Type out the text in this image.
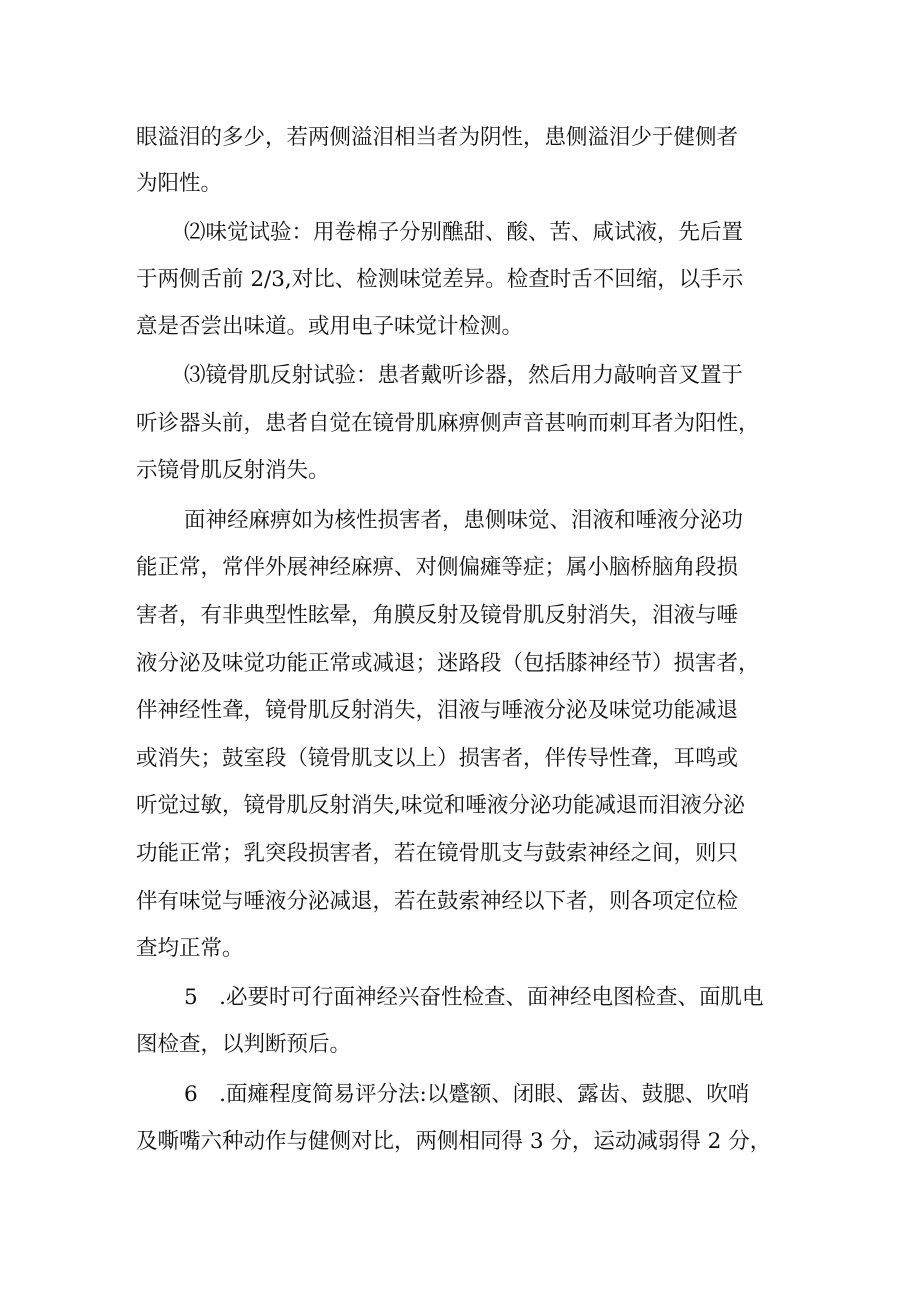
眼溢泪的多少，若两侧溢泪相当者为阴性，患侧溢泪少于健侧者
为阳性。
⑵味觉试验：用卷棉子分别醮甜、酸、苦、咸试液，先后置
于两侧舌前 2/3,对比、检测味觉差异。检查时舌不回缩，以手示
意是否尝出味道。或用电子味觉计检测。
⑶镜骨肌反射试验：患者戴听诊器，然后用力敲响音叉置于
听诊器头前，患者自觉在镜骨肌麻痹侧声音甚响而刺耳者为阳性，
示镜骨肌反射消失。
面神经麻痹如为核性损害者，患侧味觉、泪液和唾液分泌功
能正常，常伴外展神经麻痹、对侧偏瘫等症；属小脑桥脑角段损
害者，有非典型性眩晕，角膜反射及镜骨肌反射消失，泪液与唾
液分泌及味觉功能正常或减退；迷路段（包括膝神经节）损害者，
伴神经性聋，镜骨肌反射消失，泪液与唾液分泌及味觉功能减退
或消失；鼓室段（镜骨肌支以上）损害者，伴传导性聋，耳鸣或
听觉过敏，镜骨肌反射消失,味觉和唾液分泌功能减退而泪液分泌
功能正常；乳突段损害者，若在镜骨肌支与鼓索神经之间，则只
伴有味觉与唾液分泌减退，若在鼓索神经以下者，则各项定位检
查均正常。
5　.必要时可行面神经兴奋性检查、面神经电图检查、面肌电
图检查，以判断预后。
6　.面瘫程度简易评分法:以蹙额、闭眼、露齿、鼓腮、吹哨
及嘶嘴六种动作与健侧对比，两侧相同得 3 分，运动减弱得 2 分，
